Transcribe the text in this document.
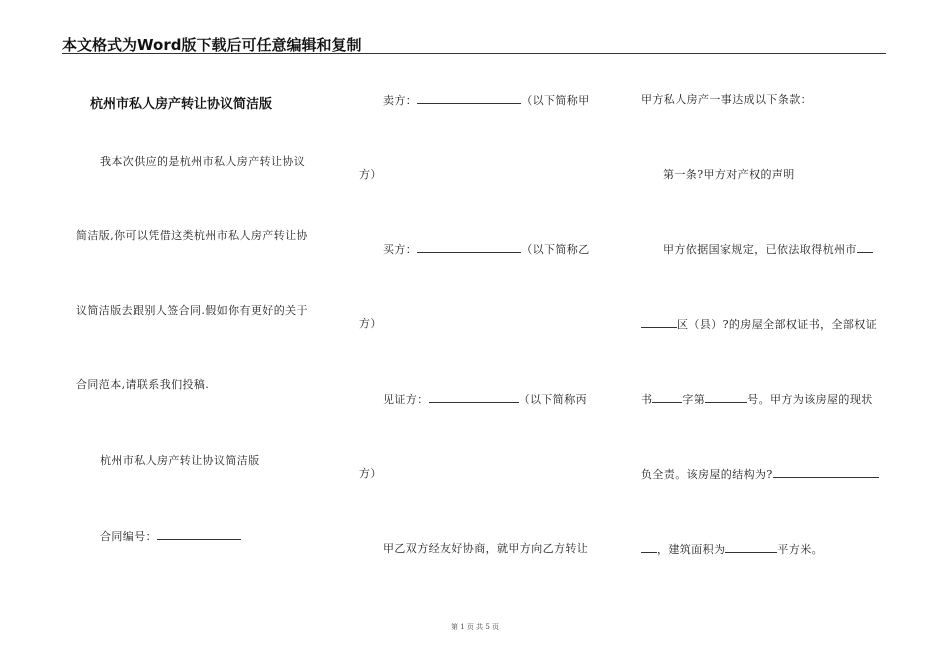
本文格式为Word版下载后可任意编辑和复制
杭州市私人房产转让协议简洁版
我本次供应的是杭州市私人房产转让协议
简洁版,你可以凭借这类杭州市私人房产转让协
议简洁版去跟别人签合同.假如你有更好的关于
合同范本,请联系我们投稿.
杭州市私人房产转让协议简洁版
合同编号：
卖方：	（以下简称甲
方）
买方：	（以下简称乙
方）
见证方：	（以下简称丙
方）
甲乙双方经友好协商，就甲方向乙方转让
甲方私人房产一事达成以下条款：
第一条?甲方对产权的声明
甲方依据国家规定，已依法取得杭州市
区（县）?的房屋全部权证书，全部权证
书	字第	号。甲方为该房屋的现状
负全责。该房屋的结构为?
，建筑面积为	平方米。
第 1 页 共 5 页
